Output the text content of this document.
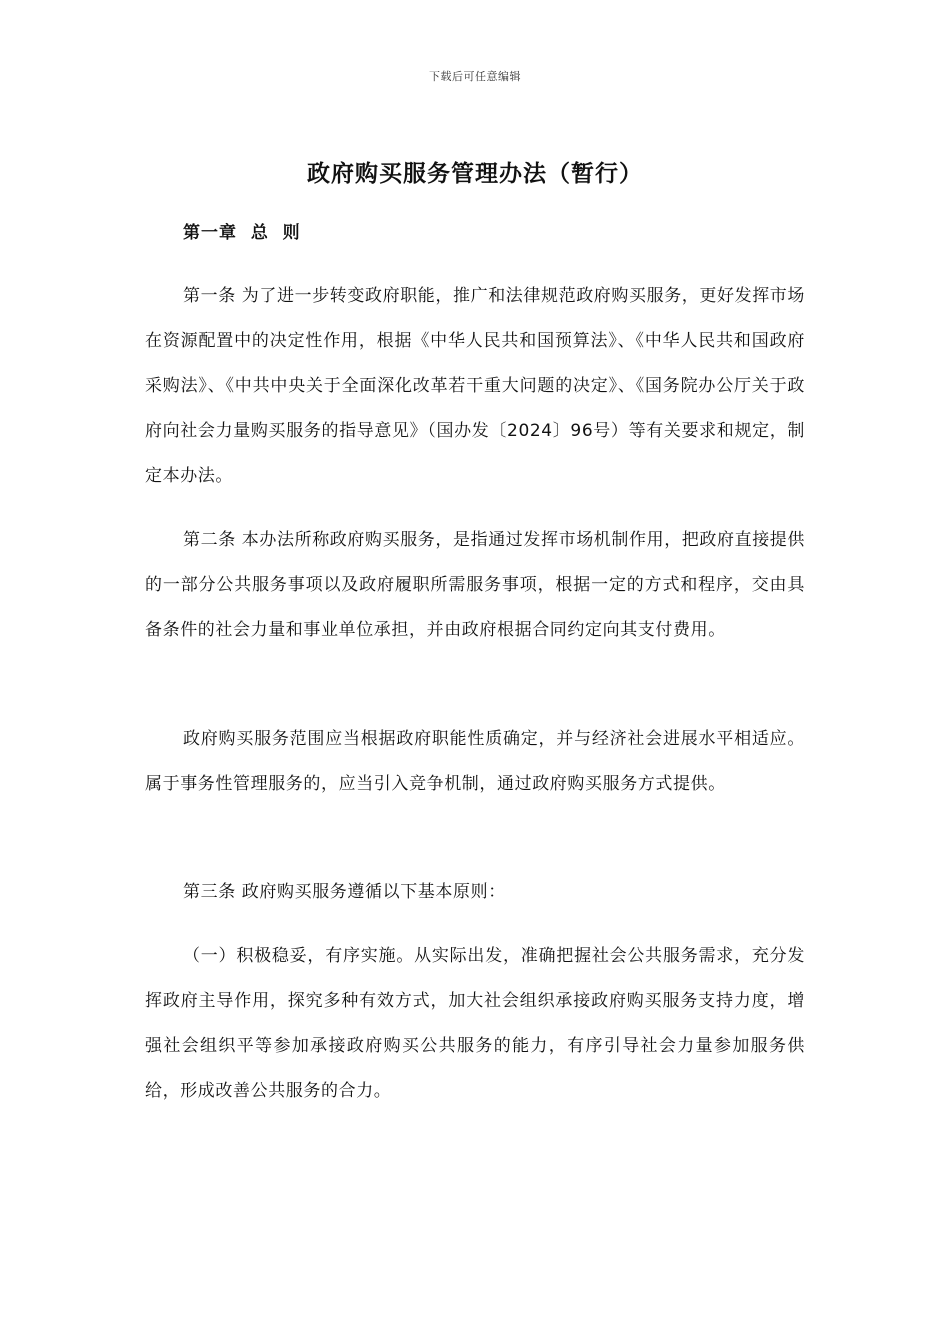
下载后可任意编辑
政府购买服务管理办法（暂行）
第一章  总  则

第一条 为了进一步转变政府职能，推广和法律规范政府购买服务，更好发挥市场在资源配置中的决定性作用，根据《中华人民共和国预算法》、《中华人民共和国政府采购法》、《中共中央关于全面深化改革若干重大问题的决定》、《国务院办公厅关于政府向社会力量购买服务的指导意见》（国办发〔2024〕96号）等有关要求和规定，制定本办法。

第二条 本办法所称政府购买服务，是指通过发挥市场机制作用，把政府直接提供的一部分公共服务事项以及政府履职所需服务事项，根据一定的方式和程序，交由具备条件的社会力量和事业单位承担，并由政府根据合同约定向其支付费用。

政府购买服务范围应当根据政府职能性质确定，并与经济社会进展水平相适应。属于事务性管理服务的，应当引入竞争机制，通过政府购买服务方式提供。

第三条 政府购买服务遵循以下基本原则：

（一）积极稳妥，有序实施。从实际出发，准确把握社会公共服务需求，充分发挥政府主导作用，探究多种有效方式，加大社会组织承接政府购买服务支持力度，增强社会组织平等参加承接政府购买公共服务的能力，有序引导社会力量参加服务供给，形成改善公共服务的合力。
